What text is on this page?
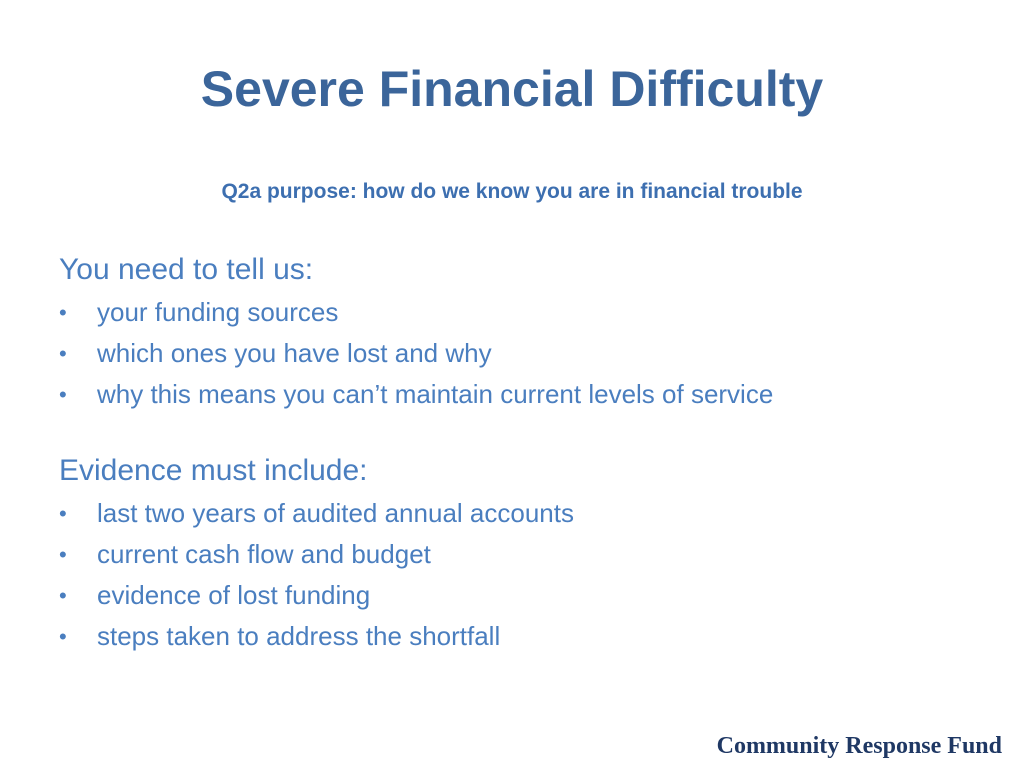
Severe Financial Difficulty

Q2a purpose: how do we know you are in financial trouble

You need to tell us:

• your funding sources
• which ones you have lost and why
• why this means you can’t maintain current levels of service

Evidence must include:

• last two years of audited annual accounts
• current cash flow and budget
• evidence of lost funding
• steps taken to address the shortfall
Community Response Fund
